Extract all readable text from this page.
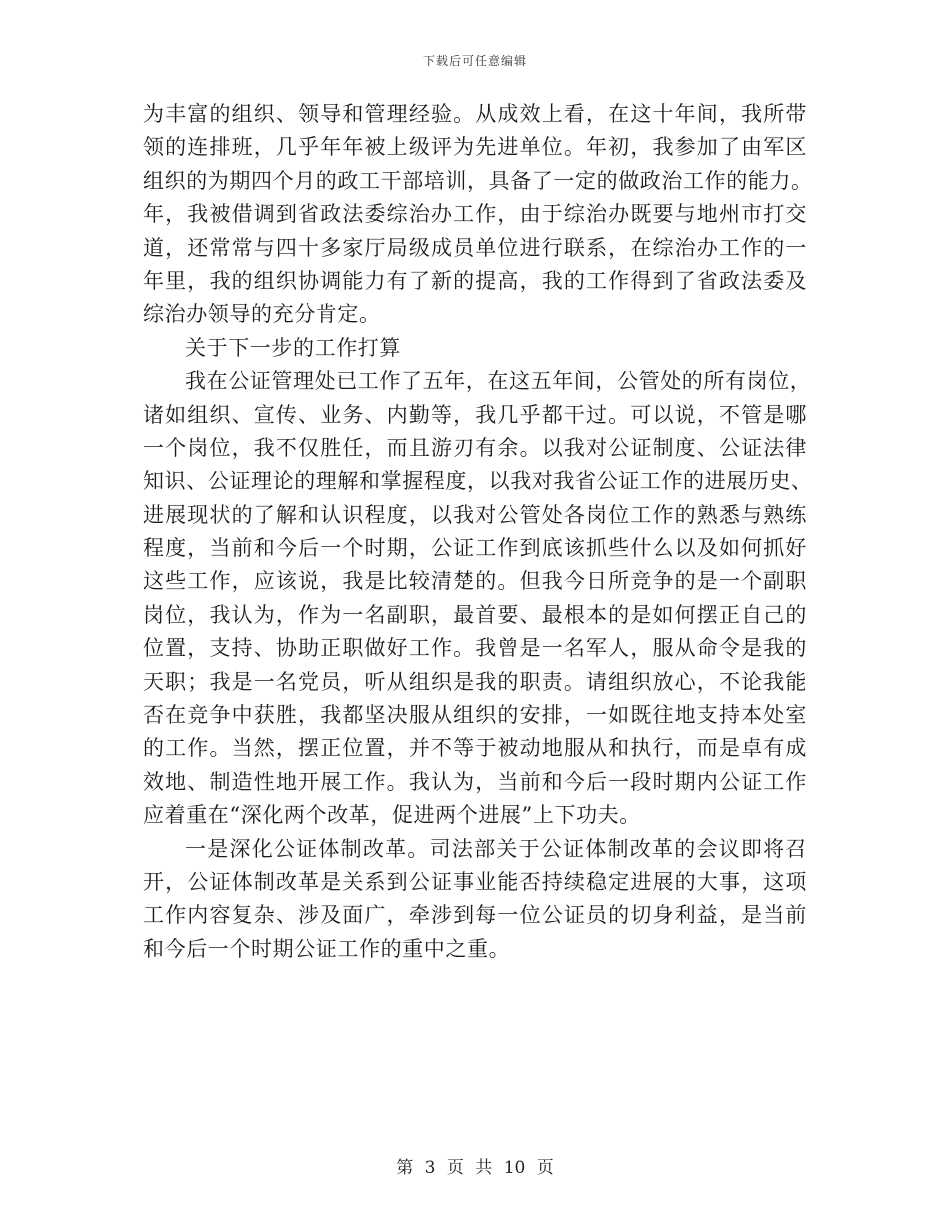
下载后可任意编辑
为丰富的组织、领导和管理经验。从成效上看，在这十年间，我所带
领的连排班，几乎年年被上级评为先进单位。年初，我参加了由军区
组织的为期四个月的政工干部培训，具备了一定的做政治工作的能力。
年，我被借调到省政法委综治办工作，由于综治办既要与地州市打交
道，还常常与四十多家厅局级成员单位进行联系，在综治办工作的一
年里，我的组织协调能力有了新的提高，我的工作得到了省政法委及
综治办领导的充分肯定。
关于下一步的工作打算
我在公证管理处已工作了五年，在这五年间，公管处的所有岗位，
诸如组织、宣传、业务、内勤等，我几乎都干过。可以说，不管是哪
一个岗位，我不仅胜任，而且游刃有余。以我对公证制度、公证法律
知识、公证理论的理解和掌握程度，以我对我省公证工作的进展历史、
进展现状的了解和认识程度，以我对公管处各岗位工作的熟悉与熟练
程度，当前和今后一个时期，公证工作到底该抓些什么以及如何抓好
这些工作，应该说，我是比较清楚的。但我今日所竞争的是一个副职
岗位，我认为，作为一名副职，最首要、最根本的是如何摆正自己的
位置，支持、协助正职做好工作。我曾是一名军人，服从命令是我的
天职；我是一名党员，听从组织是我的职责。请组织放心，不论我能
否在竞争中获胜，我都坚决服从组织的安排，一如既往地支持本处室
的工作。当然，摆正位置，并不等于被动地服从和执行，而是卓有成
效地、制造性地开展工作。我认为，当前和今后一段时期内公证工作
应着重在“深化两个改革，促进两个进展”上下功夫。
一是深化公证体制改革。司法部关于公证体制改革的会议即将召
开，公证体制改革是关系到公证事业能否持续稳定进展的大事，这项
工作内容复杂、涉及面广，牵涉到每一位公证员的切身利益，是当前
和今后一个时期公证工作的重中之重。
第 3 页 共 10 页
